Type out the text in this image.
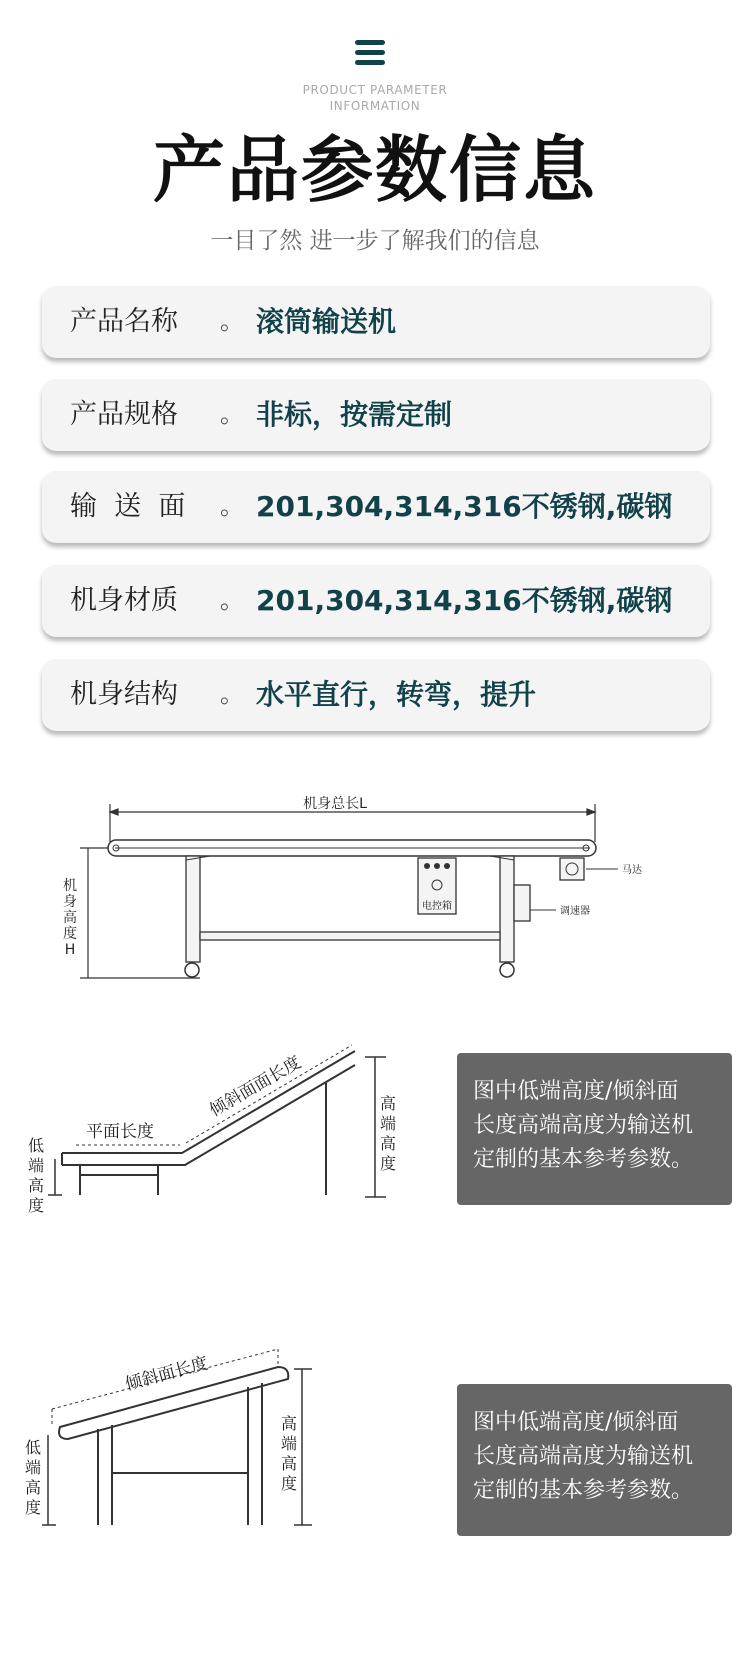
PRODUCT PARAMETER
INFORMATION
产品参数信息
一目了然 进一步了解我们的信息
产品名称 。 滚筒输送机
产品规格 。 非标，按需定制
输  送  面 。 201,304,314,316不锈钢,碳钢
机身材质 。 201,304,314,316不锈钢,碳钢
机身结构 。 水平直行，转弯，提升
机身总长L
机
身
高
度
H
马达
电控箱	调速器
平面长度
倾斜面面长度
低
端
高
度
高
端
高
度
图中低端高度/倾斜面
长度高端高度为输送机
定制的基本参考参数。
倾斜面长度
低
端
高
度
高
端
高
度
图中低端高度/倾斜面
长度高端高度为输送机
定制的基本参考参数。
